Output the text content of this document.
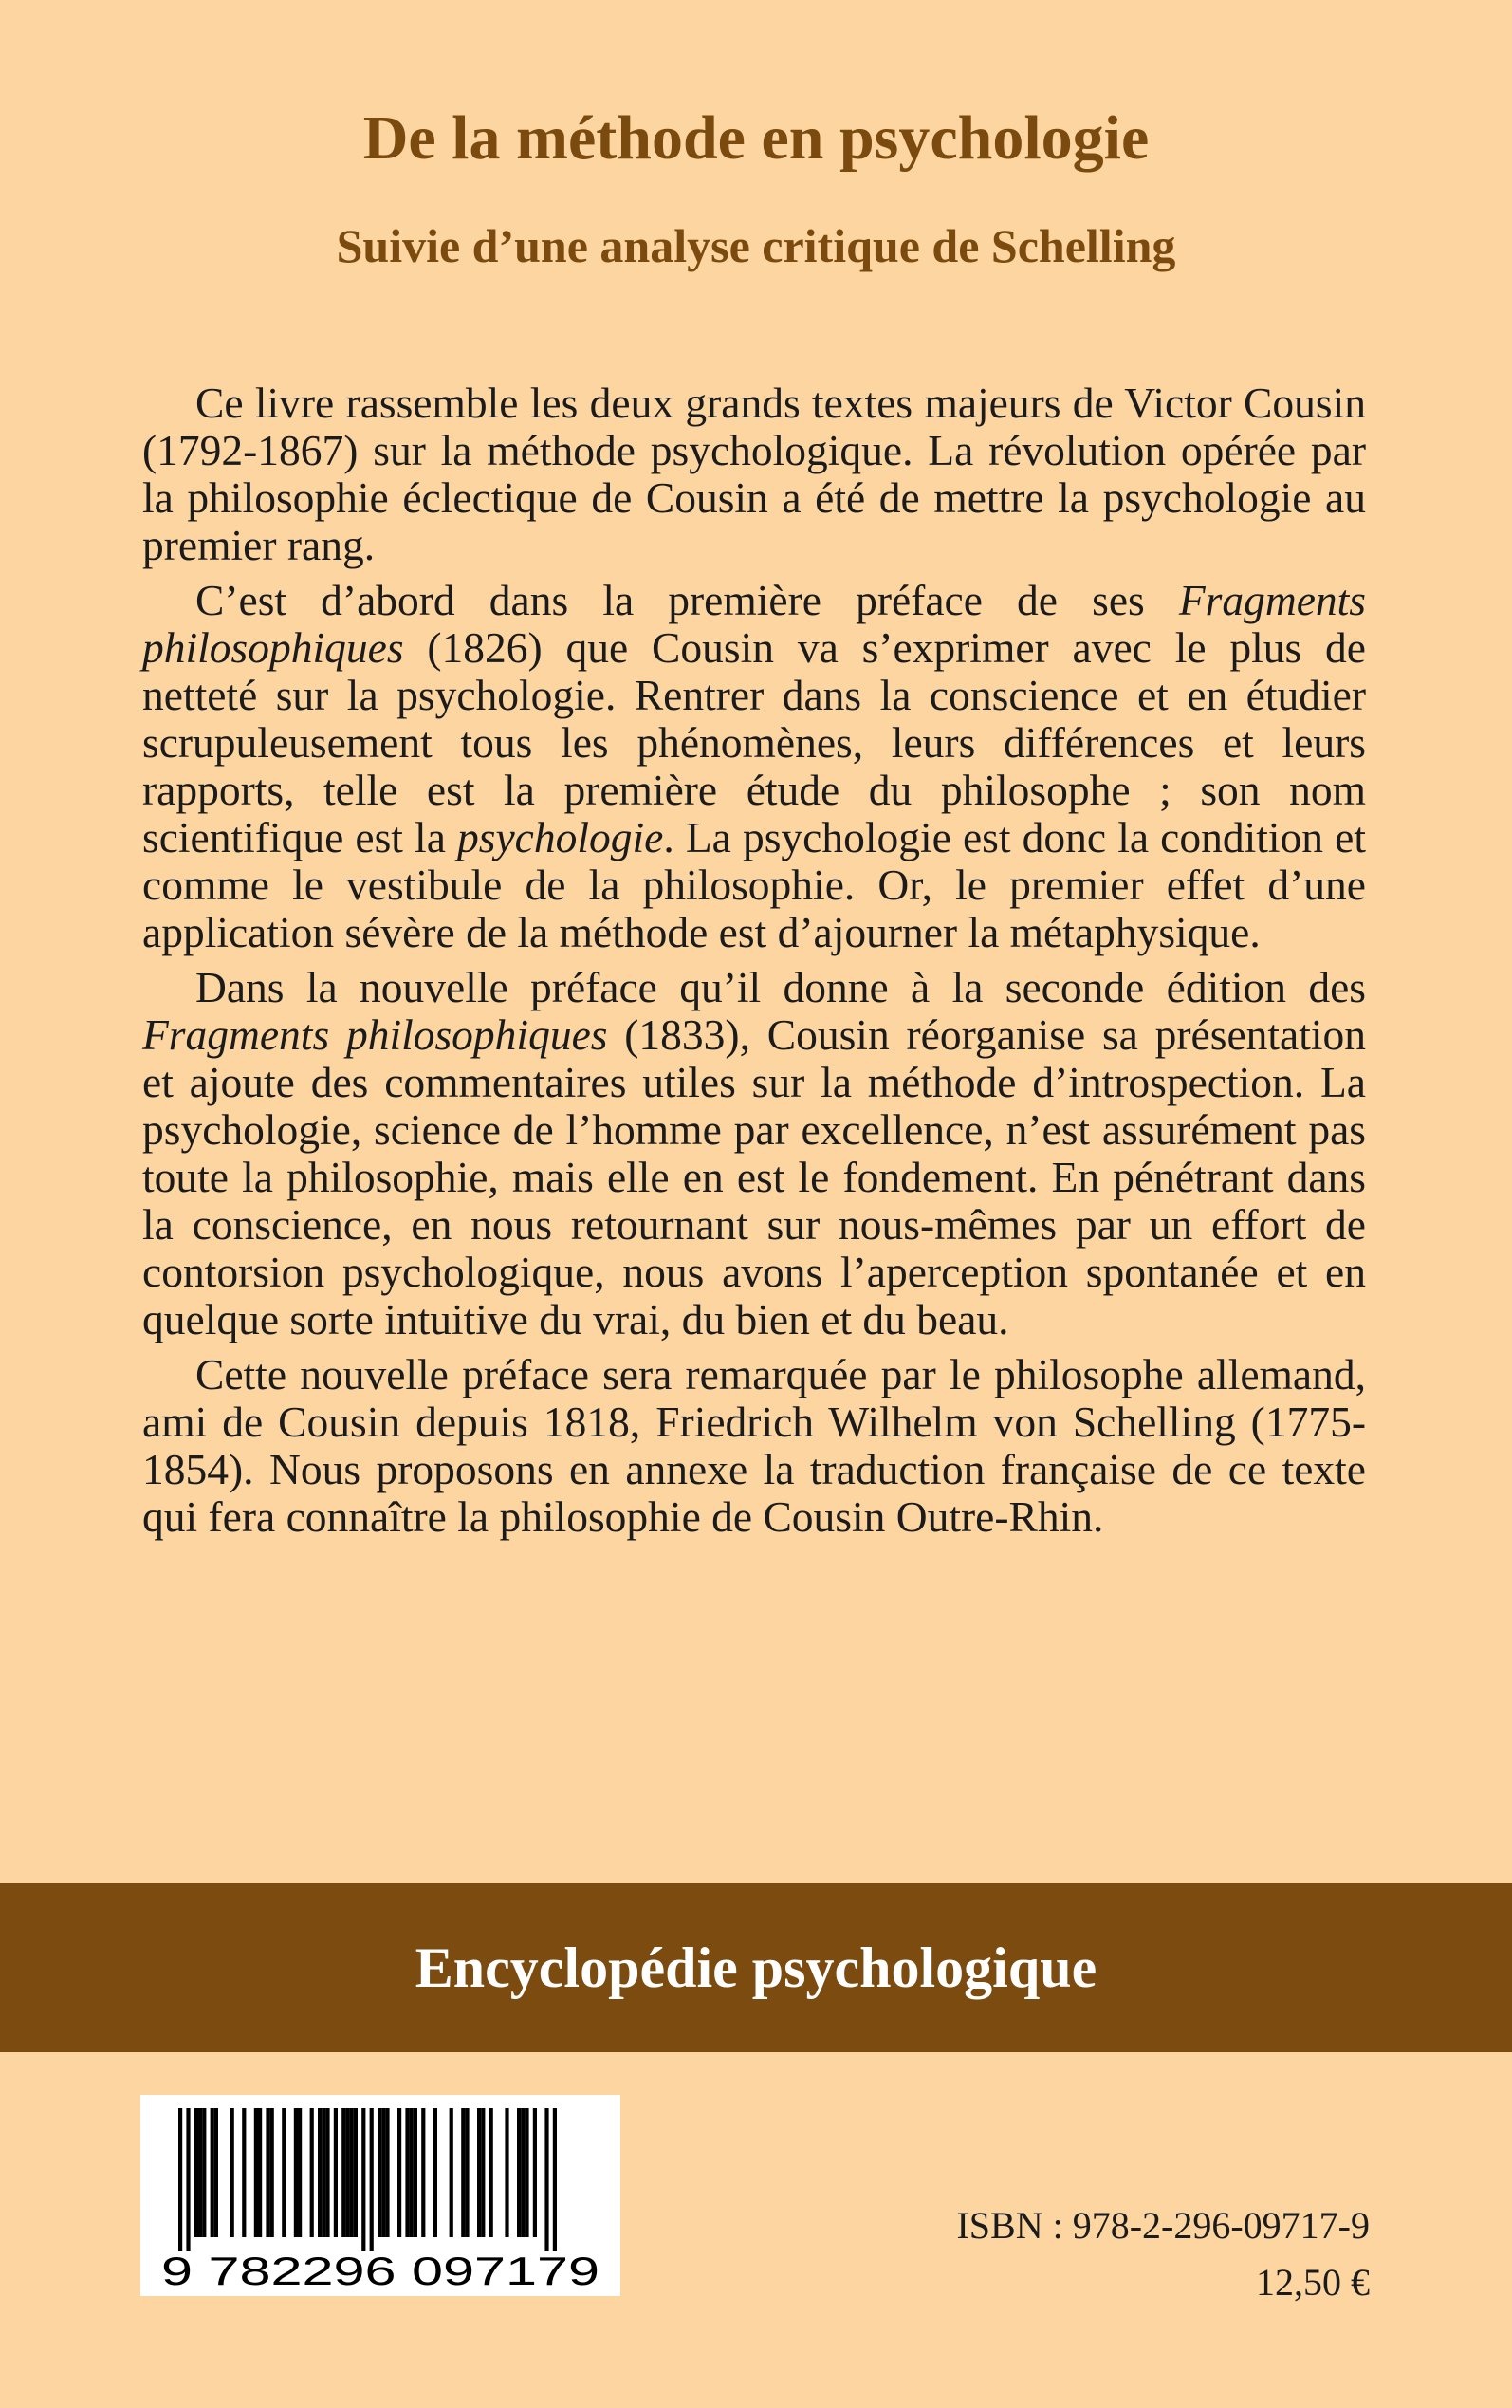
De la méthode en psychologie
Suivie d’une analyse critique de Schelling

Ce livre rassemble les deux grands textes majeurs de Victor Cousin (1792-1867) sur la méthode psychologique. La révolution opérée par la philosophie éclectique de Cousin a été de mettre la psychologie au premier rang.

C’est d’abord dans la première préface de ses Fragments philosophiques (1826) que Cousin va s’exprimer avec le plus de netteté sur la psychologie. Rentrer dans la conscience et en étudier scrupuleusement tous les phénomènes, leurs différences et leurs rapports, telle est la première étude du philosophe ; son nom scientifique est la psychologie. La psychologie est donc la condition et comme le vestibule de la philosophie. Or, le premier effet d’une application sévère de la méthode est d’ajourner la métaphysique.

Dans la nouvelle préface qu’il donne à la seconde édition des Fragments philosophiques (1833), Cousin réorganise sa présentation et ajoute des commentaires utiles sur la méthode d’introspection. La psychologie, science de l’homme par excellence, n’est assurément pas toute la philosophie, mais elle en est le fondement. En pénétrant dans la conscience, en nous retournant sur nous-mêmes par un effort de contorsion psychologique, nous avons l’aperception spontanée et en quelque sorte intuitive du vrai, du bien et du beau.

Cette nouvelle préface sera remarquée par le philosophe allemand, ami de Cousin depuis 1818, Friedrich Wilhelm von Schelling (1775-1854). Nous proposons en annexe la traduction française de ce texte qui fera connaître la philosophie de Cousin Outre-Rhin.

Encyclopédie psychologique
9 782296 097179
ISBN : 978-2-296-09717-9
12,50 €
